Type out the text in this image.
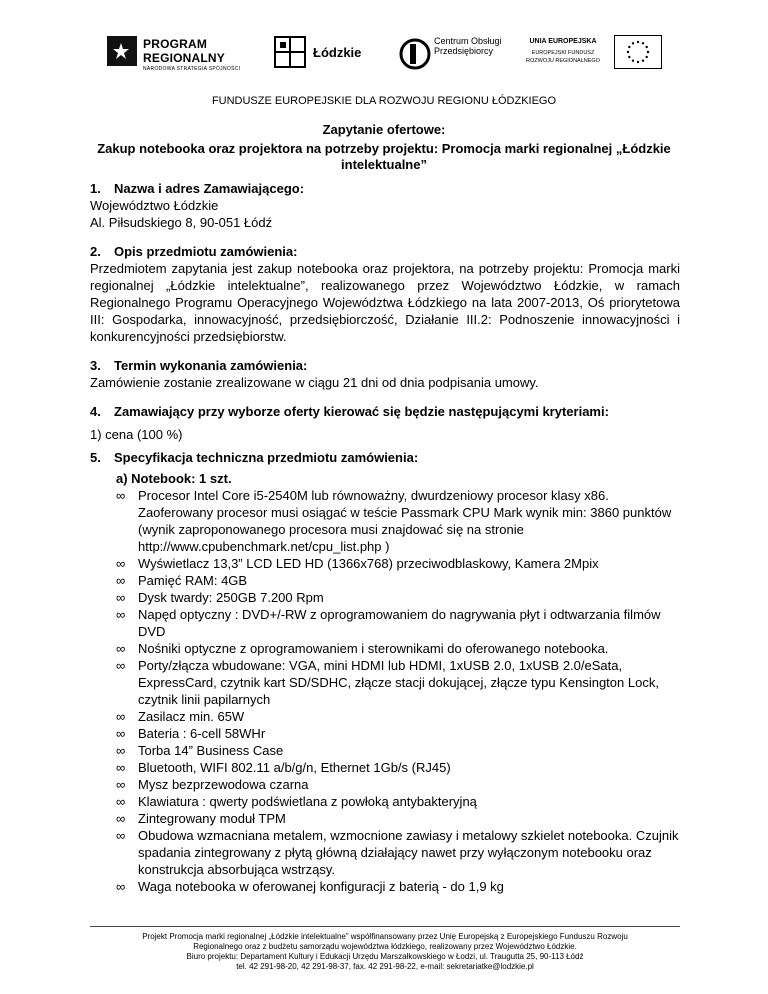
PROGRAM
REGIONALNY
NARODOWA STRATEGIA SPÓJNOŚCI
Łódzkie
Centrum Obsługi Przedsiębiorcy
UNIA EUROPEJSKA
EUROPEJSKI FUNDUSZ
ROZWOJU REGIONALNEGO
FUNDUSZE EUROPEJSKIE DLA ROZWOJU REGIONU ŁÓDZKIEGO
Zapytanie ofertowe:
Zakup notebooka oraz projektora na potrzeby projektu: Promocja marki regionalnej „Łódzkie intelektualne”
1. Nazwa i adres Zamawiającego:
Województwo Łódzkie
Al. Piłsudskiego 8, 90-051 Łódź
2. Opis przedmiotu zamówienia:
Przedmiotem zapytania jest zakup notebooka oraz projektora, na potrzeby projektu: Promocja marki regionalnej „Łódzkie intelektualne”, realizowanego przez Województwo Łódzkie, w ramach Regionalnego Programu Operacyjnego Województwa Łódzkiego na lata 2007-2013, Oś priorytetowa III: Gospodarka, innowacyjność, przedsiębiorczość, Działanie III.2: Podnoszenie innowacyjności i konkurencyjności przedsiębiorstw.
3. Termin wykonania zamówienia:
Zamówienie zostanie zrealizowane w ciągu 21 dni od dnia podpisania umowy.
4. Zamawiający przy wyborze oferty kierować się będzie następującymi kryteriami:
1) cena (100 %)
5. Specyfikacja techniczna przedmiotu zamówienia:
a) Notebook: 1 szt.
∞ Procesor Intel Core i5-2540M lub równoważny, dwurdzeniowy procesor klasy x86. Zaoferowany procesor musi osiągać w teście Passmark CPU Mark wynik min: 3860 punktów (wynik zaproponowanego procesora musi znajdować się na stronie http://www.cpubenchmark.net/cpu_list.php )
∞ Wyświetlacz 13,3” LCD LED HD (1366x768) przeciwodblaskowy, Kamera 2Mpix
∞ Pamięć RAM: 4GB
∞ Dysk twardy: 250GB 7.200 Rpm
∞ Napęd optyczny : DVD+/-RW z oprogramowaniem do nagrywania płyt i odtwarzania filmów DVD
∞ Nośniki optyczne z oprogramowaniem i sterownikami do oferowanego notebooka.
∞ Porty/złącza wbudowane: VGA, mini HDMI lub HDMI, 1xUSB 2.0, 1xUSB 2.0/eSata, ExpressCard, czytnik kart SD/SDHC, złącze stacji dokującej, złącze typu Kensington Lock, czytnik linii papilarnych
∞ Zasilacz min. 65W
∞ Bateria : 6-cell 58WHr
∞ Torba 14” Business Case
∞ Bluetooth, WIFI 802.11 a/b/g/n, Ethernet 1Gb/s (RJ45)
∞ Mysz bezprzewodowa czarna
∞ Klawiatura : qwerty podświetlana z powłoką antybakteryjną
∞ Zintegrowany moduł TPM
∞ Obudowa wzmacniana metalem, wzmocnione zawiasy i metalowy szkielet notebooka. Czujnik spadania zintegrowany z płytą główną działający nawet przy wyłączonym notebooku oraz konstrukcja absorbująca wstrząsy.
∞ Waga notebooka w oferowanej konfiguracji z baterią - do 1,9 kg
Projekt Promocja marki regionalnej „Łódzkie intelektualne” współfinansowany przez Unię Europejską z Europejskiego Funduszu Rozwoju
Regionalnego oraz z budżetu samorządu województwa łódzkiego, realizowany przez Województwo Łódzkie.
Biuro projektu: Departament Kultury i Edukacji Urzędu Marszałkowskiego w Łodzi, ul. Traugutta 25, 90-113 Łódź
tel. 42 291-98-20, 42 291-98-37, fax. 42 291-98-22, e-mail: sekretariatke@lodzkie.pl
